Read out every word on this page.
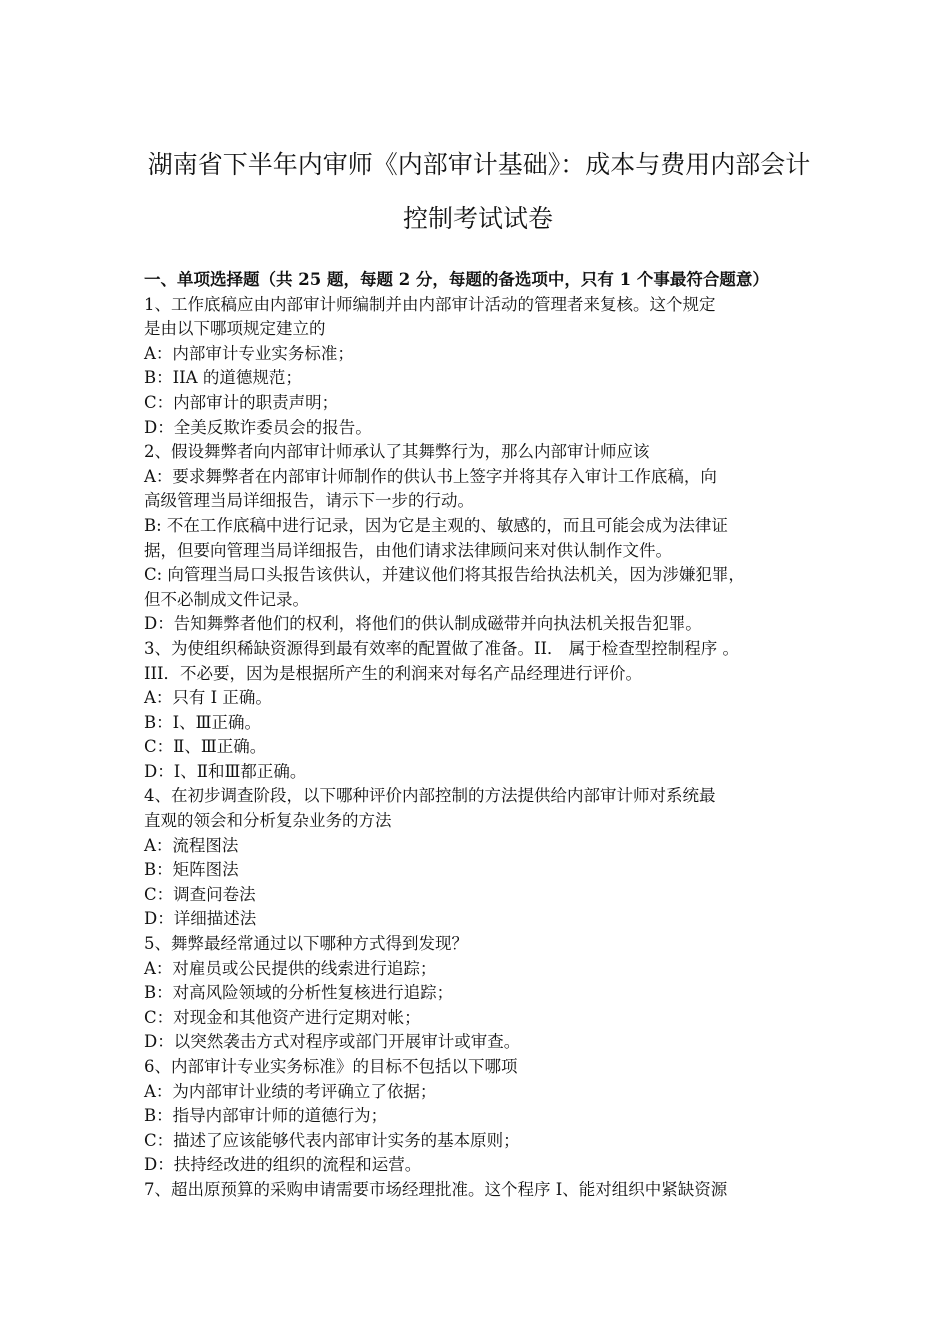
湖南省下半年内审师《内部审计基础》：成本与费用内部会计
控制考试试卷

一、单项选择题（共 25 题，每题 2 分，每题的备选项中，只有 1 个事最符合题意）

1、工作底稿应由内部审计师编制并由内部审计活动的管理者来复核。这个规定

是由以下哪项规定建立的

A：内部审计专业实务标准；

B：IIA 的道德规范；

C：内部审计的职责声明；

D：全美反欺诈委员会的报告。

2、假设舞弊者向内部审计师承认了其舞弊行为，那么内部审计师应该

A：要求舞弊者在内部审计师制作的供认书上签字并将其存入审计工作底稿，向

高级管理当局详细报告，请示下一步的行动。

B: 不在工作底稿中进行记录，因为它是主观的、敏感的，而且可能会成为法律证

据，但要向管理当局详细报告，由他们请求法律顾问来对供认制作文件。

C: 向管理当局口头报告该供认，并建议他们将其报告给执法机关，因为涉嫌犯罪，

但不必制成文件记录。

D：告知舞弊者他们的权利，将他们的供认制成磁带并向执法机关报告犯罪。

3、为使组织稀缺资源得到最有效率的配置做了准备。II． 属于检查型控制程序 。

III．不必要，因为是根据所产生的利润来对每名产品经理进行评价。

A：只有 I 正确。

B：I、Ⅲ正确。

C：Ⅱ、Ⅲ正确。

D：I、Ⅱ和Ⅲ都正确。

4、在初步调查阶段，以下哪种评价内部控制的方法提供给内部审计师对系统最

直观的领会和分析复杂业务的方法

A：流程图法

B：矩阵图法

C：调查问卷法

D：详细描述法

5、舞弊最经常通过以下哪种方式得到发现？

A：对雇员或公民提供的线索进行追踪；

B：对高风险领域的分析性复核进行追踪；

C：对现金和其他资产进行定期对帐；

D：以突然袭击方式对程序或部门开展审计或审查。

6、内部审计专业实务标准》的目标不包括以下哪项

A：为内部审计业绩的考评确立了依据；

B：指导内部审计师的道德行为；

C：描述了应该能够代表内部审计实务的基本原则；

D：扶持经改进的组织的流程和运营。

7、超出原预算的采购申请需要市场经理批准。这个程序 I、能对组织中紧缺资源
